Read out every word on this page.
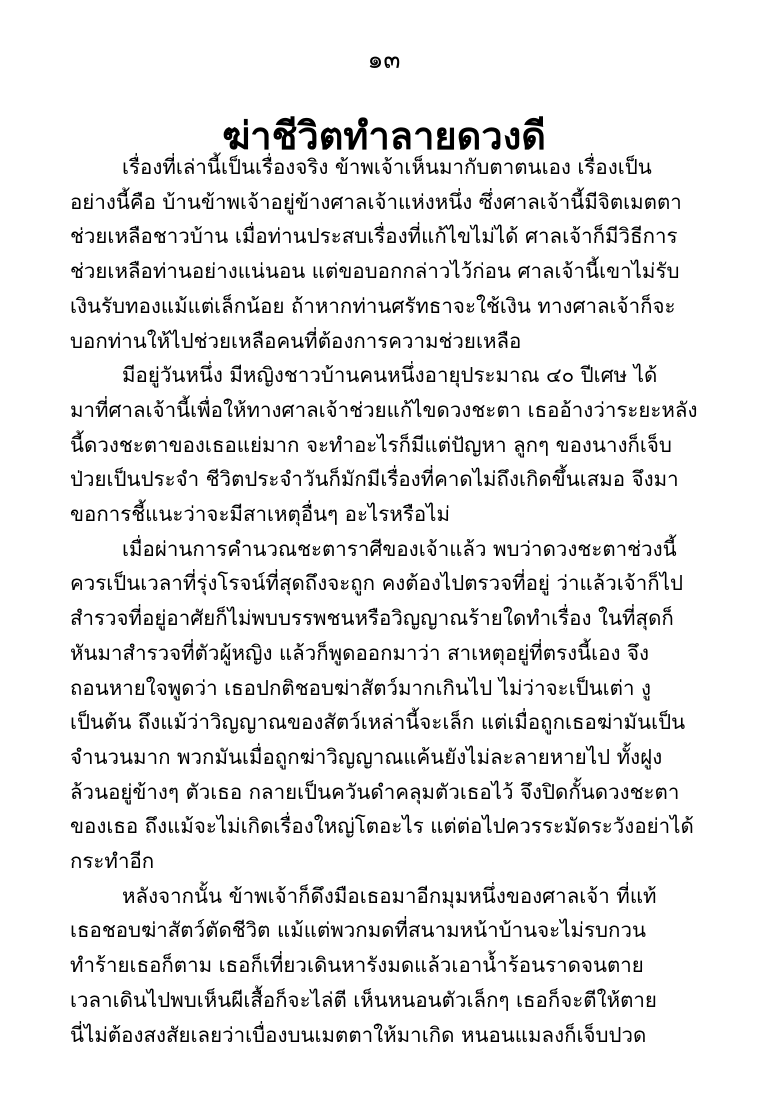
๑๓
ฆ่าชีวิตทำลายดวงดี

เรื่องที่เล่านี้เป็นเรื่องจริง ข้าพเจ้าเห็นมากับตาตนเอง เรื่องเป็น
อย่างนี้คือ บ้านข้าพเจ้าอยู่ข้างศาลเจ้าแห่งหนึ่ง ซึ่งศาลเจ้านี้มีจิตเมตตา
ช่วยเหลือชาวบ้าน เมื่อท่านประสบเรื่องที่แก้ไขไม่ได้ ศาลเจ้าก็มีวิธีการ
ช่วยเหลือท่านอย่างแน่นอน แต่ขอบอกกล่าวไว้ก่อน ศาลเจ้านี้เขาไม่รับ
เงินรับทองแม้แต่เล็กน้อย ถ้าหากท่านศรัทธาจะใช้เงิน ทางศาลเจ้าก็จะ
บอกท่านให้ไปช่วยเหลือคนที่ต้องการความช่วยเหลือ

มีอยู่วันหนึ่ง มีหญิงชาวบ้านคนหนึ่งอายุประมาณ ๔๐ ปีเศษ ได้
มาที่ศาลเจ้านี้เพื่อให้ทางศาลเจ้าช่วยแก้ไขดวงชะตา เธออ้างว่าระยะหลัง
นี้ดวงชะตาของเธอแย่มาก จะทำอะไรก็มีแต่ปัญหา ลูกๆ ของนางก็เจ็บ
ป่วยเป็นประจำ ชีวิตประจำวันก็มักมีเรื่องที่คาดไม่ถึงเกิดขึ้นเสมอ จึงมา
ขอการชี้แนะว่าจะมีสาเหตุอื่นๆ อะไรหรือไม่

เมื่อผ่านการคำนวณชะตาราศีของเจ้าแล้ว พบว่าดวงชะตาช่วงนี้
ควรเป็นเวลาที่รุ่งโรจน์ที่สุดถึงจะถูก คงต้องไปตรวจที่อยู่ ว่าแล้วเจ้าก็ไป
สำรวจที่อยู่อาศัยก็ไม่พบบรรพชนหรือวิญญาณร้ายใดทำเรื่อง ในที่สุดก็
หันมาสำรวจที่ตัวผู้หญิง แล้วก็พูดออกมาว่า สาเหตุอยู่ที่ตรงนี้เอง จึง
ถอนหายใจพูดว่า เธอปกติชอบฆ่าสัตว์มากเกินไป ไม่ว่าจะเป็นเต่า งู
เป็นต้น ถึงแม้ว่าวิญญาณของสัตว์เหล่านี้จะเล็ก แต่เมื่อถูกเธอฆ่ามันเป็น
จำนวนมาก พวกมันเมื่อถูกฆ่าวิญญาณแค้นยังไม่ละลายหายไป ทั้งฝูง
ล้วนอยู่ข้างๆ ตัวเธอ กลายเป็นควันดำคลุมตัวเธอไว้ จึงปิดกั้นดวงชะตา
ของเธอ ถึงแม้จะไม่เกิดเรื่องใหญ่โตอะไร แต่ต่อไปควรระมัดระวังอย่าได้
กระทำอีก

หลังจากนั้น ข้าพเจ้าก็ดึงมือเธอมาอีกมุมหนึ่งของศาลเจ้า ที่แท้
เธอชอบฆ่าสัตว์ตัดชีวิต แม้แต่พวกมดที่สนามหน้าบ้านจะไม่รบกวน
ทำร้ายเธอก็ตาม เธอก็เที่ยวเดินหารังมดแล้วเอาน้ำร้อนราดจนตาย
เวลาเดินไปพบเห็นผีเสื้อก็จะไล่ตี เห็นหนอนตัวเล็กๆ เธอก็จะตีให้ตาย
นี่ไม่ต้องสงสัยเลยว่าเบื่องบนเมตตาให้มาเกิด หนอนแมลงก็เจ็บปวด
